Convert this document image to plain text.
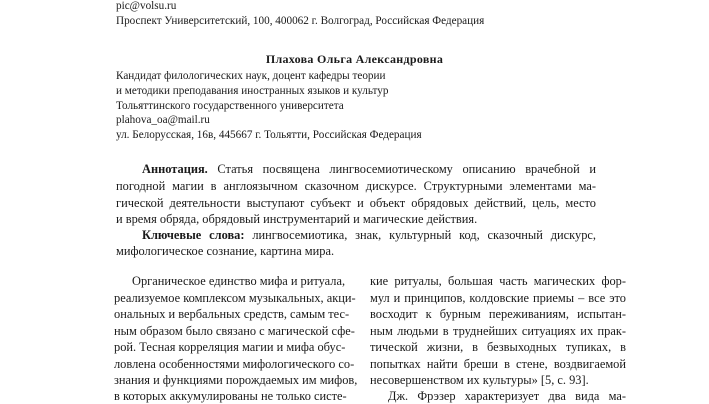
pic@volsu.ru
Проспект Университетский, 100, 400062 г. Волгоград, Российская Федерация
Плахова Ольга Александровна
Кандидат филологических наук, доцент кафедры теории
и методики преподавания иностранных языков и культур
Тольяттинского государственного университета
plahova_oa@mail.ru
ул. Белорусская, 16в, 445667 г. Тольятти, Российская Федерация
Аннотация. Статья посвящена лингвосемиотическому описанию врачебной и
погодной магии в англоязычном сказочном дискурсе. Структурными элементами ма-
гической деятельности выступают субъект и объект обрядовых действий, цель, место
и время обряда, обрядовый инструментарий и магические действия.
Ключевые слова: лингвосемиотика, знак, культурный код, сказочный дискурс,
мифологическое сознание, картина мира.
Органическое единство мифа и ритуала,
реализуемое комплексом музыкальных, акци-
ональных и вербальных средств, самым тес-
ным образом было связано с магической сфе-
рой. Тесная корреляция магии и мифа обус-
ловлена особенностями мифологического со-
знания и функциями порождаемых им мифов,
в которых аккумулированы не только систе-
кие ритуалы, большая часть магических фор-
мул и принципов, колдовские приемы – все это
восходит к бурным переживаниям, испытан-
ным людьми в труднейших ситуациях их прак-
тической жизни, в безвыходных тупиках, в
попытках найти бреши в стене, воздвигаемой
несовершенством их культуры» [5, с. 93].
Дж. Фрэзер характеризует два вида ма-
